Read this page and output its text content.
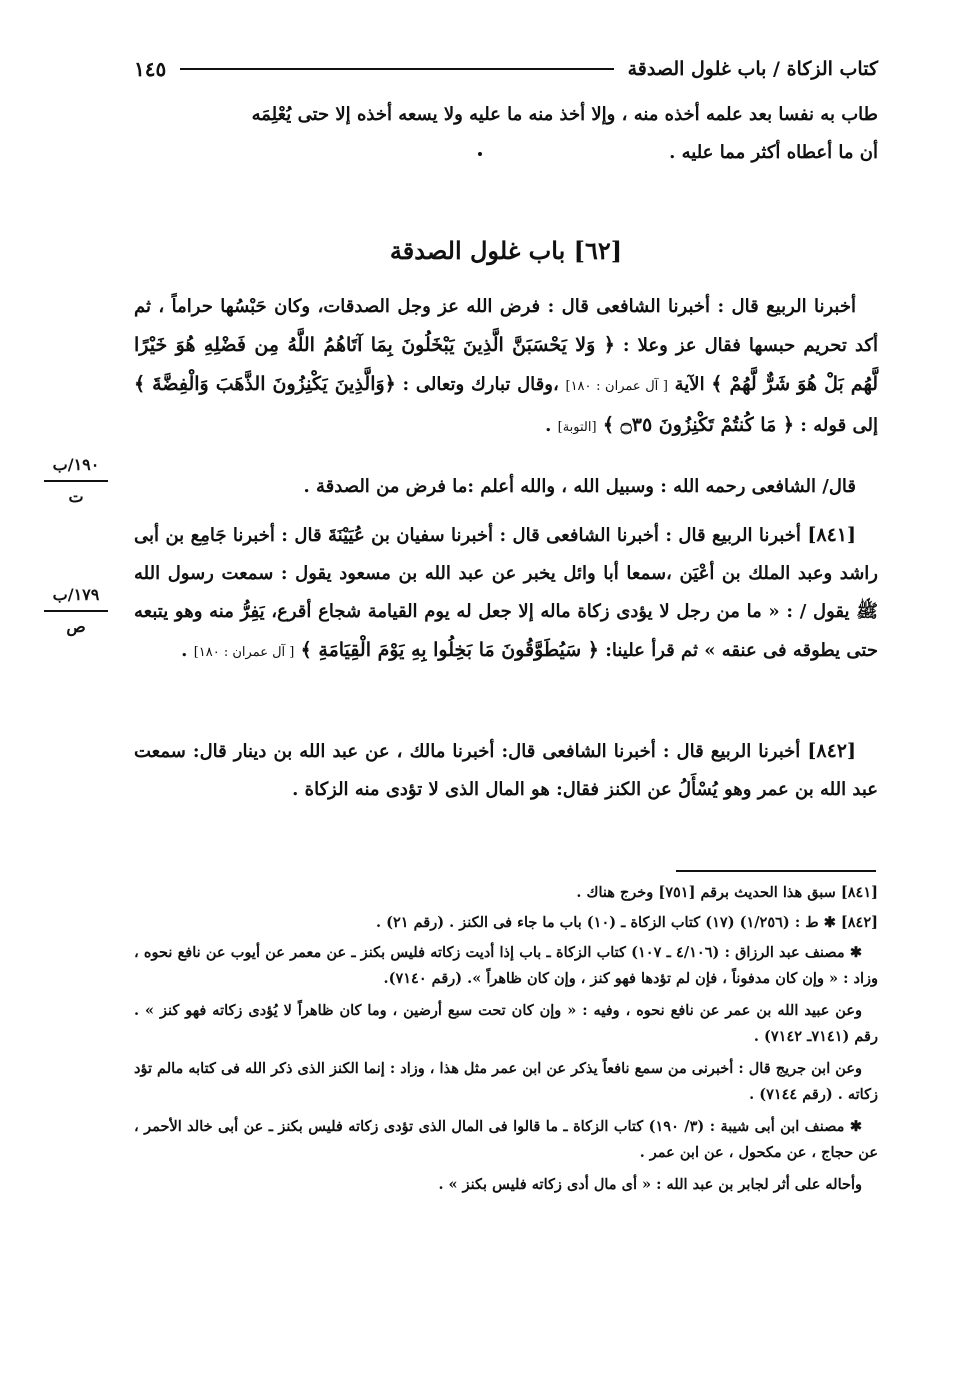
كتاب الزكاة / باب غلول الصدقة
١٤٥

طاب به نفسا بعد علمه أخذه منه ، وإلا أخذ منه ما عليه ولا يسعه أخذه إلا حتى يُعْلِمَه

أن ما أعطاه أكثر مما عليه .

[٦٢] باب غلول الصدقة

أخبرنا الربيع قال : أخبرنا الشافعى قال : فرض الله عز وجل الصدقات، وكان حَبْسُها حراماً ، ثم أكد تحريم حبسها فقال عز وعلا : ﴿ وَلا يَحْسَبَنَّ الَّذِينَ يَبْخَلُونَ بِمَا آتَاهُمُ اللَّهُ مِن فَضْلِهِ هُوَ خَيْرًا لَّهُم بَلْ هُوَ شَرٌّ لَّهُمْ ﴾ الآية [ آل عمران : ١٨٠] ،وقال تبارك وتعالى : ﴿وَالَّذِينَ يَكْنِزُونَ الذَّهَبَ وَالْفِضَّةَ ﴾ إلى قوله : ﴿ مَا كُنتُمْ تَكْنِزُونَ ۝٣٥ ﴾ [التوبة] .

قال/ الشافعى رحمه الله : وسبيل الله ، والله أعلم :ما فرض من الصدقة .

[٨٤١] أخبرنا الربيع قال : أخبرنا الشافعى قال : أخبرنا سفيان بن عُيَيْنَةَ قال : أخبرنا جَامِع بن أبى راشد وعبد الملك بن أعْيَن ،سمعا أبا وائل يخبر عن عبد الله بن مسعود يقول : سمعت رسول الله ﷺ يقول / : « ما من رجل لا يؤدى زكاة ماله إلا جعل له يوم القيامة شجاع أقرع، يَفِرُّ منه وهو يتبعه حتى يطوقه فى عنقه » ثم قرأ علينا: ﴿ سَيُطَوَّقُونَ مَا بَخِلُوا بِهِ يَوْمَ الْقِيَامَةِ ﴾ [ آل عمران : ١٨٠] .

[٨٤٢] أخبرنا الربيع قال : أخبرنا الشافعى قال: أخبرنا مالك ، عن عبد الله بن دينار قال: سمعت عبد الله بن عمر وهو يُسْأَلُ عن الكنز فقال: هو المال الذى لا تؤدى منه الزكاة .

١٩٠/ب
ت
١٧٩/ب
ص

[٨٤١] سبق هذا الحديث برقم [٧٥١] وخرج هناك .

[٨٤٢] ✱ ط : (١/٢٥٦) (١٧) كتاب الزكاة ـ (١٠) باب ما جاء فى الكنز . (رقم ٢١) .

✱ مصنف عبد الرزاق : (٤/١٠٦ ـ ١٠٧) كتاب الزكاة ـ باب إذا أديت زكاته فليس بكنز ـ عن معمر عن أيوب عن نافع نحوه ، وزاد : « وإن كان مدفوناً ، فإن لم تؤدها فهو كنز ، وإن كان ظاهراً ». (رقم ٧١٤٠).

وعن عبيد الله بن عمر عن نافع نحوه ، وفيه : « وإن كان تحت سبع أرضين ، وما كان ظاهراً لا يُؤدى زكاته فهو كنز » . رقم (٧١٤١ـ ٧١٤٢) .

وعن ابن جريج قال : أخبرنى من سمع نافعاً يذكر عن ابن عمر مثل هذا ، وزاد : إنما الكنز الذى ذكر الله فى كتابه مالم تؤد زكاته . (رقم ٧١٤٤) .

✱ مصنف ابن أبى شيبة : (٣/ ١٩٠) كتاب الزكاة ـ ما قالوا فى المال الذى تؤدى زكاته فليس بكنز ـ عن أبى خالد الأحمر ، عن حجاج ، عن مكحول ، عن ابن عمر .

وأحاله على أثر لجابر بن عبد الله : « أى مال أدى زكاته فليس بكنز » .
